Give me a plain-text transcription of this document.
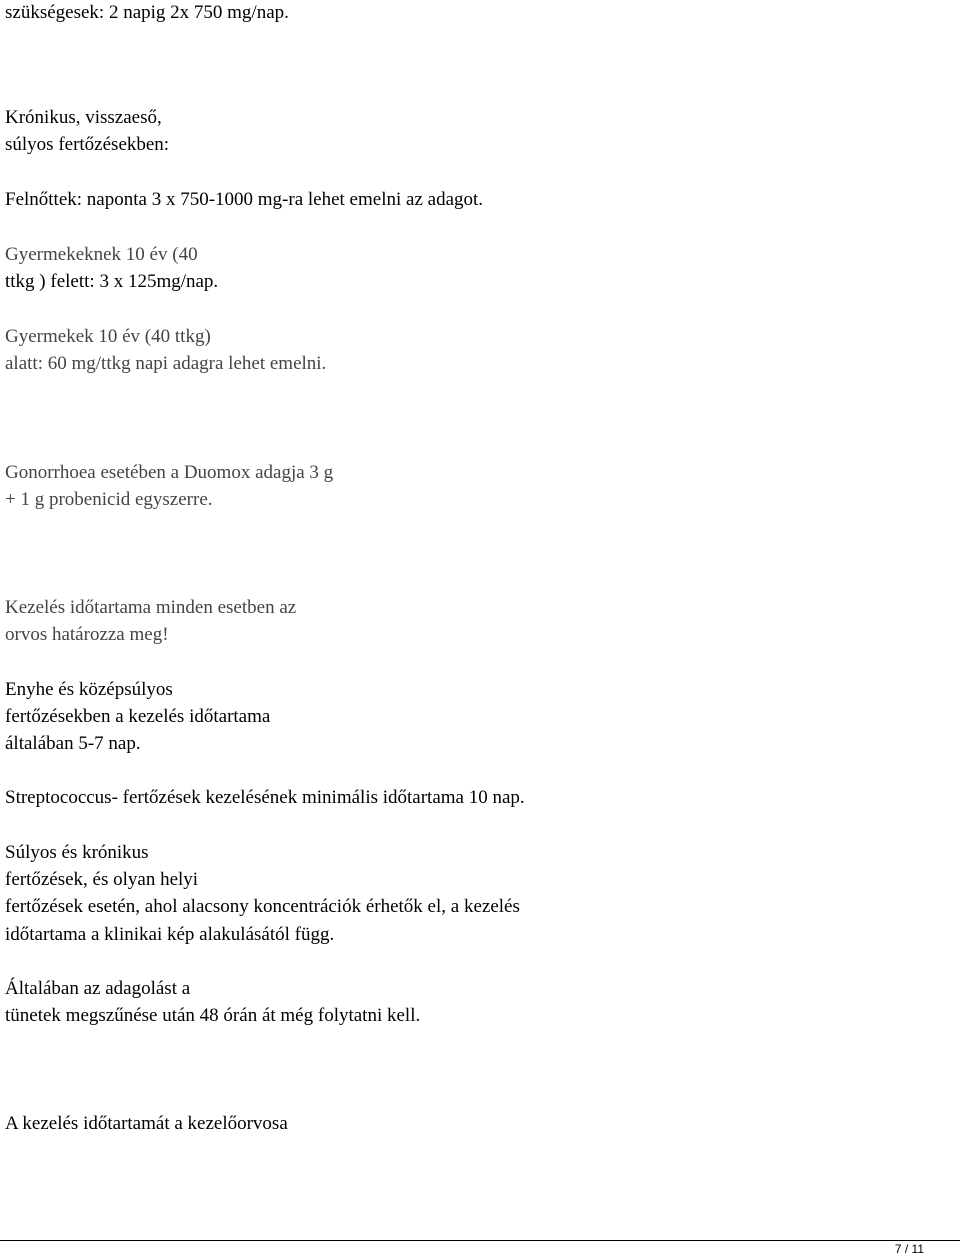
szükségesek: 2 napig 2x 750 mg/nap.
Krónikus, visszaeső,
súlyos fertőzésekben:
Felnőttek: naponta 3 x 750-1000 mg-ra lehet emelni az adagot.
Gyermekeknek 10 év (40
ttkg ) felett: 3 x 125mg/nap.
Gyermekek 10 év (40 ttkg)
alatt: 60 mg/ttkg napi adagra lehet emelni.
Gonorrhoea esetében a Duomox adagja 3 g
+ 1 g probenicid egyszerre.
Kezelés időtartama minden esetben az
orvos határozza meg!
Enyhe és középsúlyos
fertőzésekben a kezelés időtartama
általában 5-7 nap.
Streptococcus- fertőzések kezelésének minimális időtartama 10 nap.
Súlyos és krónikus
fertőzések, és olyan helyi
fertőzések esetén, ahol alacsony koncentrációk érhetők el, a kezelés
időtartama a klinikai kép alakulásától függ.
Általában az adagolást a
tünetek megszűnése után 48 órán át még folytatni kell.
A kezelés időtartamát a kezelőorvosa
7 / 11
